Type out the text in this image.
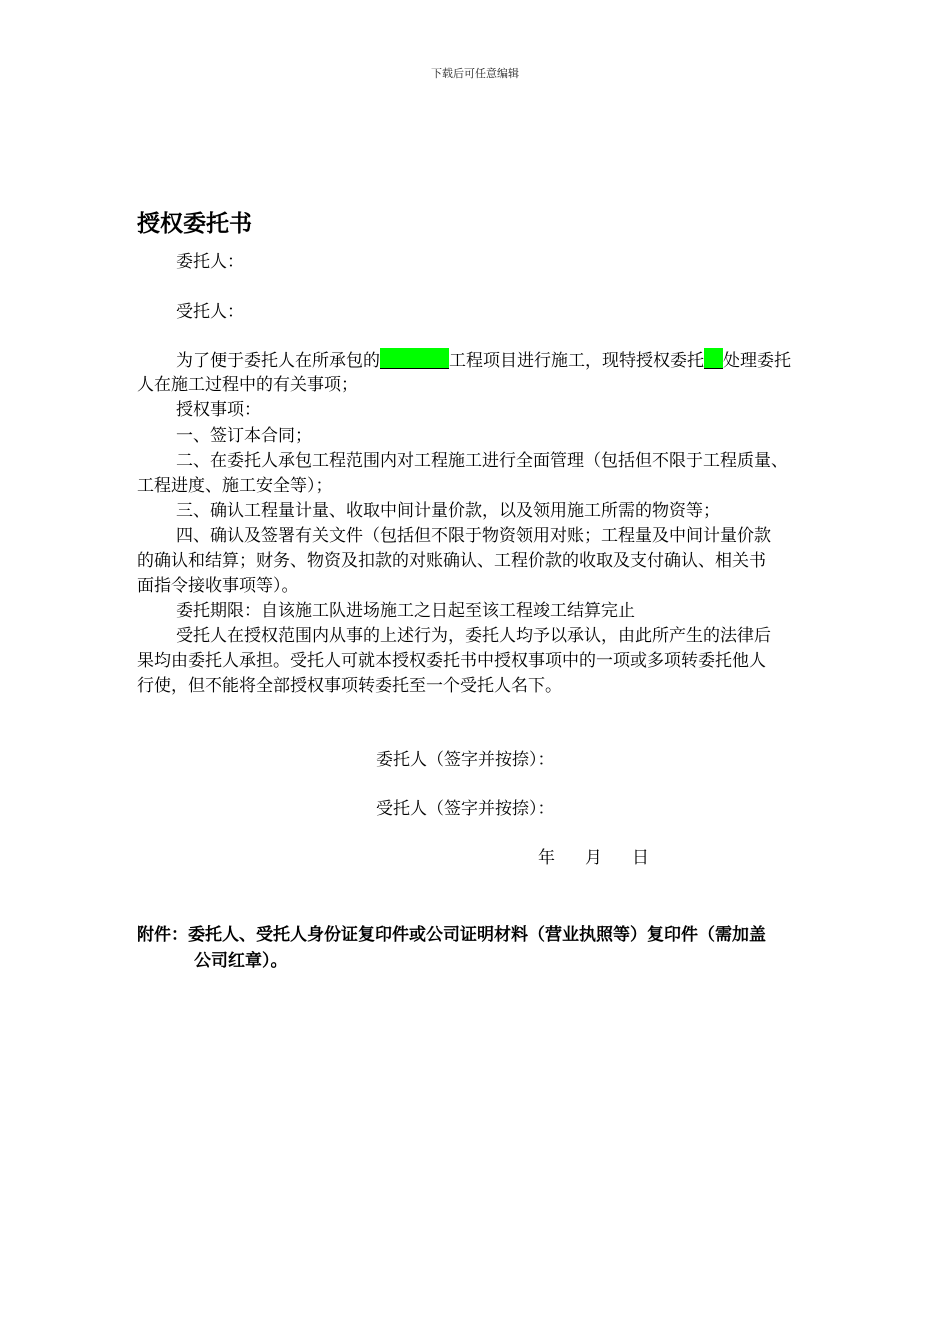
下载后可任意编辑
授权委托书
委托人：
受托人：
为了便于委托人在所承包的	工程项目进行施工，现特授权委托 处理委托
人在施工过程中的有关事项；
授权事项：
一、签订本合同；
二、在委托人承包工程范围内对工程施工进行全面管理（包括但不限于工程质量、
工程进度、施工安全等）；
三、确认工程量计量、收取中间计量价款，以及领用施工所需的物资等；
四、确认及签署有关文件（包括但不限于物资领用对账；工程量及中间计量价款
的确认和结算；财务、物资及扣款的对账确认、工程价款的收取及支付确认、相关书
面指令接收事项等）。
委托期限：自该施工队进场施工之日起至该工程竣工结算完止
受托人在授权范围内从事的上述行为，委托人均予以承认，由此所产生的法律后
果均由委托人承担。受托人可就本授权委托书中授权事项中的一项或多项转委托他人
行使，但不能将全部授权事项转委托至一个受托人名下。
委托人（签字并按捺）：
受托人（签字并按捺）：
年 月 日
附件：委托人、受托人身份证复印件或公司证明材料（营业执照等）复印件（需加盖
公司红章）。
